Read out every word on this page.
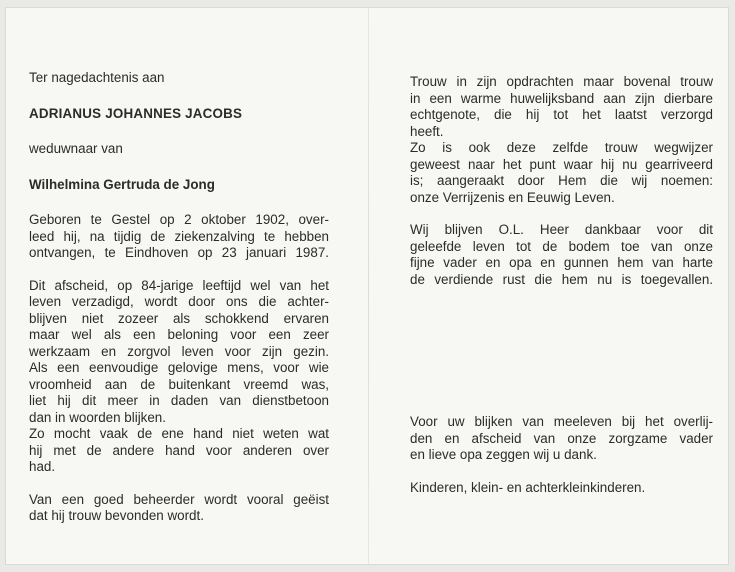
Ter nagedachtenis aan
ADRIANUS JOHANNES JACOBS
weduwnaar van
Wilhelmina Gertruda de Jong
Geboren te Gestel op 2 oktober 1902, over-
leed hij, na tijdig de ziekenzalving te hebben
ontvangen, te Eindhoven op 23 januari 1987.
Dit afscheid, op 84-jarige leeftijd wel van het
leven verzadigd, wordt door ons die achter-
blijven niet zozeer als schokkend ervaren
maar wel als een beloning voor een zeer
werkzaam en zorgvol leven voor zijn gezin.
Als een eenvoudige gelovige mens, voor wie
vroomheid aan de buitenkant vreemd was,
liet hij dit meer in daden van dienstbetoon
dan in woorden blijken.
Zo mocht vaak de ene hand niet weten wat
hij met de andere hand voor anderen over
had.
Van een goed beheerder wordt vooral geëist
dat hij trouw bevonden wordt.
Trouw in zijn opdrachten maar bovenal trouw
in een warme huwelijksband aan zijn dierbare
echtgenote, die hij tot het laatst verzorgd
heeft.
Zo is ook deze zelfde trouw wegwijzer
geweest naar het punt waar hij nu gearriveerd
is; aangeraakt door Hem die wij noemen:
onze Verrijzenis en Eeuwig Leven.
Wij blijven O.L. Heer dankbaar voor dit
geleefde leven tot de bodem toe van onze
fijne vader en opa en gunnen hem van harte
de verdiende rust die hem nu is toegevallen.
Voor uw blijken van meeleven bij het overlij-
den en afscheid van onze zorgzame vader
en lieve opa zeggen wij u dank.
Kinderen, klein- en achterkleinkinderen.
